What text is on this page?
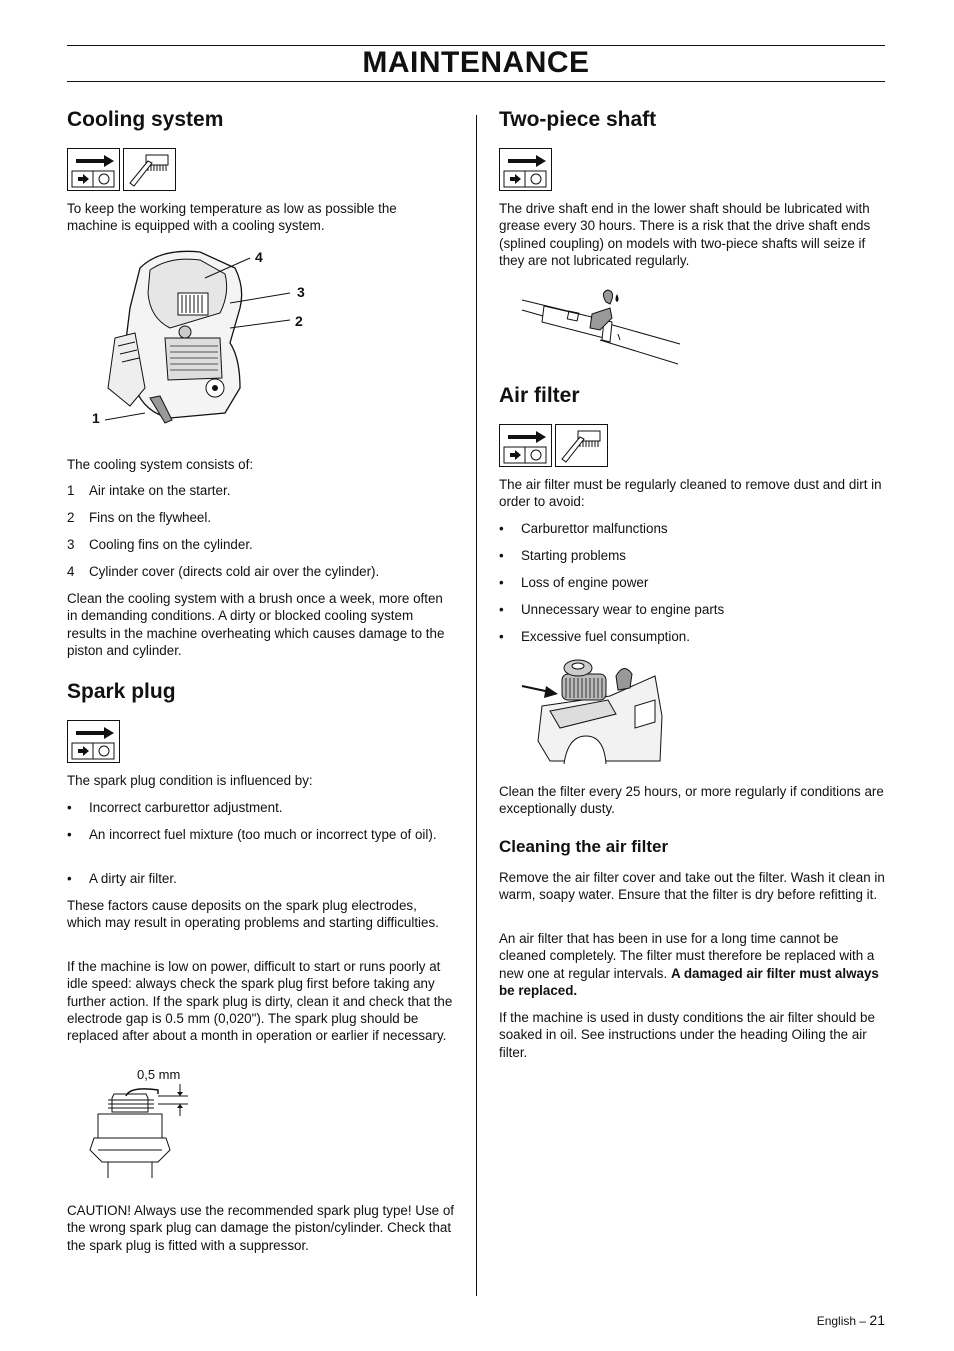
MAINTENANCE
Cooling system

To keep the working temperature as low as possible the machine is equipped with a cooling system.

4
3
2
1

The cooling system consists of:

1 Air intake on the starter.
2 Fins on the flywheel.
3 Cooling fins on the cylinder.
4 Cylinder cover (directs cold air over the cylinder).

Clean the cooling system with a brush once a week, more often in demanding conditions. A dirty or blocked cooling system results in the machine overheating which causes damage to the piston and cylinder.

Spark plug

The spark plug condition is influenced by:

• Incorrect carburettor adjustment.
• An incorrect fuel mixture (too much or incorrect type of oil).
• A dirty air filter.

These factors cause deposits on the spark plug electrodes, which may result in operating problems and starting difficulties.

If the machine is low on power, difficult to start or runs poorly at idle speed: always check the spark plug first before taking any further action. If the spark plug is dirty, clean it and check that the electrode gap is 0.5 mm (0,020"). The spark plug should be replaced after about a month in operation or earlier if necessary.

0,5 mm

CAUTION! Always use the recommended spark plug type! Use of the wrong spark plug can damage the piston/cylinder. Check that the spark plug is fitted with a suppressor.

Two-piece shaft

The drive shaft end in the lower shaft should be lubricated with grease every 30 hours. There is a risk that the drive shaft ends (splined coupling) on models with two-piece shafts will seize if they are not lubricated regularly.

Air filter

The air filter must be regularly cleaned to remove dust and dirt in order to avoid:

• Carburettor malfunctions
• Starting problems
• Loss of engine power
• Unnecessary wear to engine parts
• Excessive fuel consumption.

Clean the filter every 25 hours, or more regularly if conditions are exceptionally dusty.

Cleaning the air filter

Remove the air filter cover and take out the filter. Wash it clean in warm, soapy water. Ensure that the filter is dry before refitting it.

An air filter that has been in use for a long time cannot be cleaned completely. The filter must therefore be replaced with a new one at regular intervals. A damaged air filter must always be replaced.

If the machine is used in dusty conditions the air filter should be soaked in oil. See instructions under the heading Oiling the air filter.

English – 21
